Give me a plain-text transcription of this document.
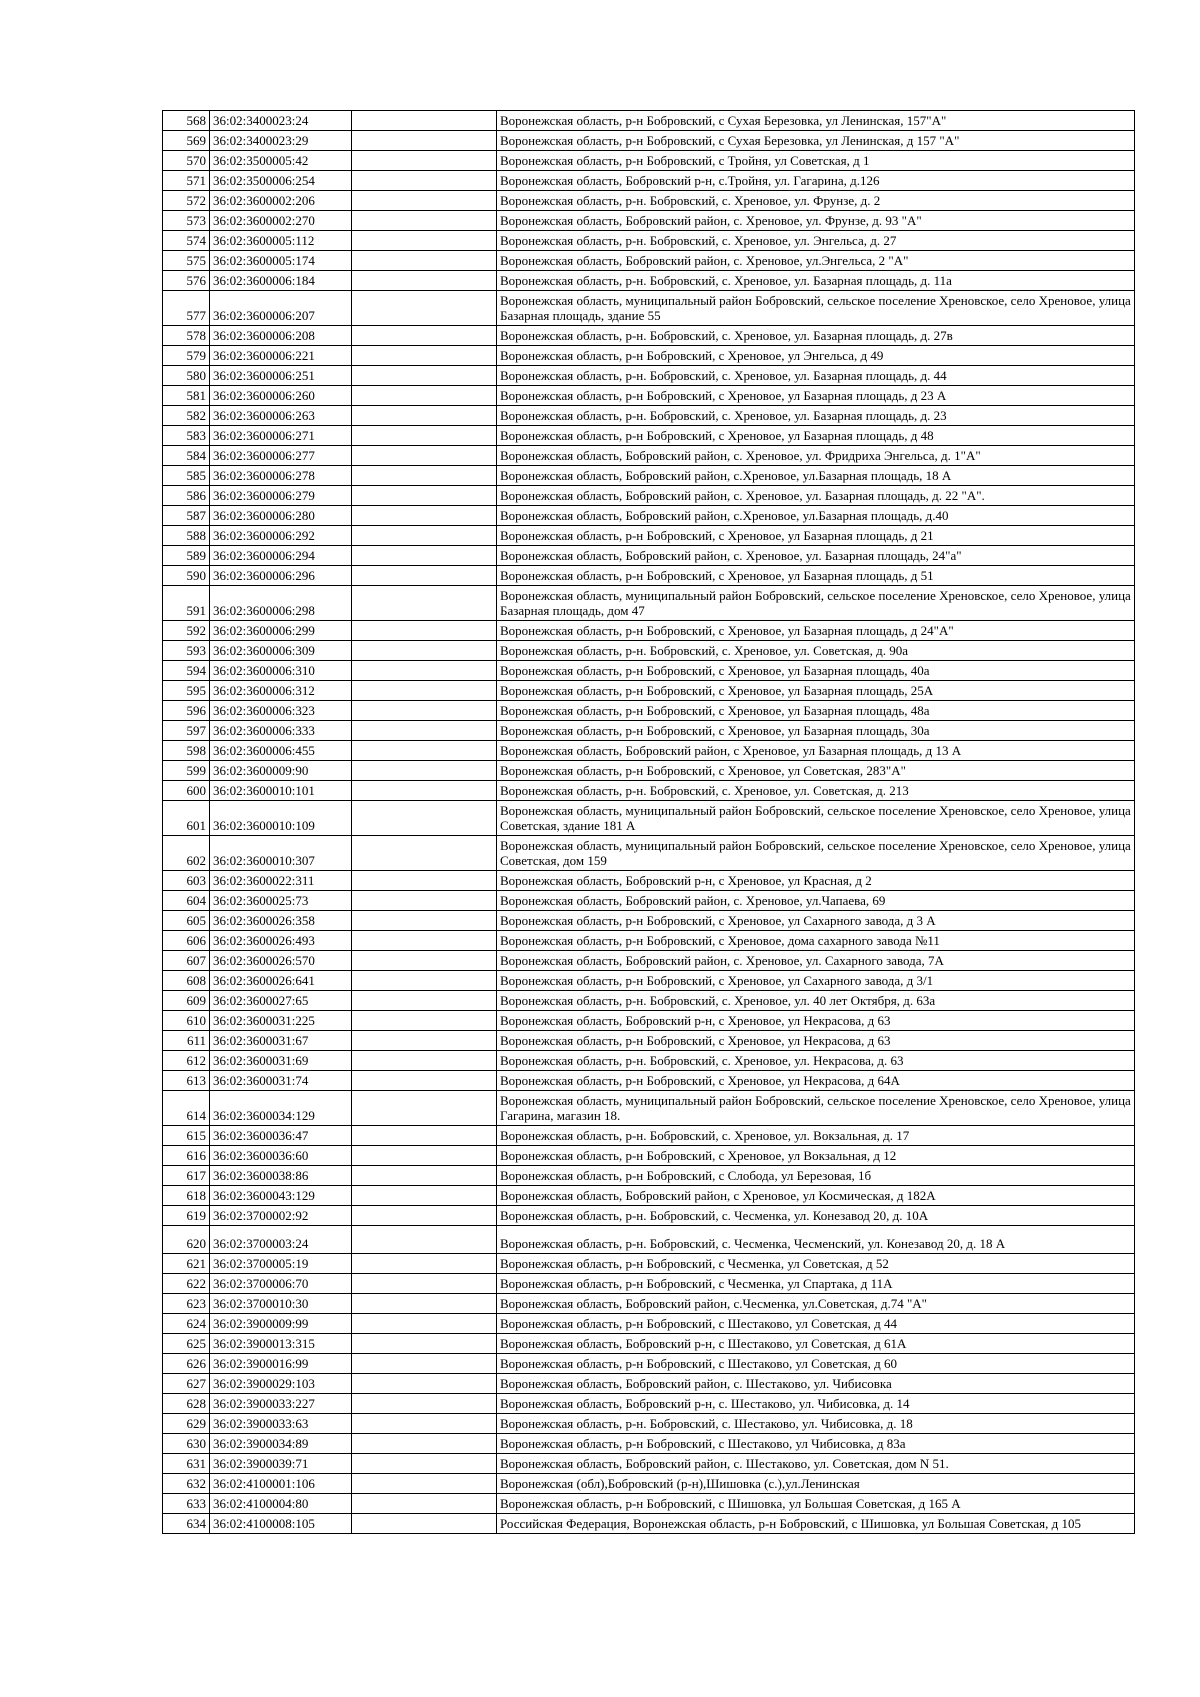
568	36:02:3400023:24		Воронежская область, р-н Бобровский, с Сухая Березовка, ул Ленинская, 157"А"
569	36:02:3400023:29		Воронежская область, р-н Бобровский, с Сухая Березовка, ул Ленинская, д 157 "А"
570	36:02:3500005:42		Воронежская область, р-н Бобровский, с Тройня, ул Советская, д 1
571	36:02:3500006:254		Воронежская область, Бобровский р-н, с.Тройня, ул. Гагарина, д.126
572	36:02:3600002:206		Воронежская область, р-н. Бобровский, с. Хреновое, ул. Фрунзе, д. 2
573	36:02:3600002:270		Воронежская область, Бобровский район, с. Хреновое, ул. Фрунзе, д. 93 "А"
574	36:02:3600005:112		Воронежская область, р-н. Бобровский, с. Хреновое, ул. Энгельса, д. 27
575	36:02:3600005:174		Воронежская область, Бобровский район, с. Хреновое, ул.Энгельса, 2 "А"
576	36:02:3600006:184		Воронежская область, р-н. Бобровский, с. Хреновое, ул. Базарная площадь, д. 11а
577	36:02:3600006:207		Воронежская область, муниципальный район Бобровский, сельское поселение Хреновское, село Хреновое, улица Базарная площадь, здание 55
578	36:02:3600006:208		Воронежская область, р-н. Бобровский, с. Хреновое, ул. Базарная площадь, д. 27в
579	36:02:3600006:221		Воронежская область, р-н Бобровский, с Хреновое, ул Энгельса, д 49
580	36:02:3600006:251		Воронежская область, р-н. Бобровский, с. Хреновое, ул. Базарная площадь, д. 44
581	36:02:3600006:260		Воронежская область, р-н Бобровский, с Хреновое, ул Базарная площадь, д 23 А
582	36:02:3600006:263		Воронежская область, р-н. Бобровский, с. Хреновое, ул. Базарная площадь, д. 23
583	36:02:3600006:271		Воронежская область, р-н Бобровский, с Хреновое, ул Базарная площадь, д 48
584	36:02:3600006:277		Воронежская область, Бобровский район, с. Хреновое, ул. Фридриха Энгельса, д. 1"А"
585	36:02:3600006:278		Воронежская область, Бобровский район, с.Хреновое, ул.Базарная площадь, 18 А
586	36:02:3600006:279		Воронежская область, Бобровский район, с. Хреновое, ул. Базарная площадь, д. 22 "А".
587	36:02:3600006:280		Воронежская область, Бобровский район, с.Хреновое, ул.Базарная площадь, д.40
588	36:02:3600006:292		Воронежская область, р-н Бобровский, с Хреновое, ул Базарная площадь, д 21
589	36:02:3600006:294		Воронежская область, Бобровский район, с. Хреновое, ул. Базарная площадь, 24"а"
590	36:02:3600006:296		Воронежская область, р-н Бобровский, с Хреновое, ул Базарная площадь, д 51
591	36:02:3600006:298		Воронежская область, муниципальный район Бобровский, сельское поселение Хреновское, село Хреновое, улица Базарная площадь, дом 47
592	36:02:3600006:299		Воронежская область, р-н Бобровский, с Хреновое, ул Базарная площадь, д 24"А"
593	36:02:3600006:309		Воронежская область, р-н. Бобровский, с. Хреновое, ул. Советская, д. 90а
594	36:02:3600006:310		Воронежская область, р-н Бобровский, с Хреновое, ул Базарная площадь, 40а
595	36:02:3600006:312		Воронежская область, р-н Бобровский, с Хреновое, ул Базарная площадь, 25А
596	36:02:3600006:323		Воронежская область, р-н Бобровский, с Хреновое, ул Базарная площадь, 48а
597	36:02:3600006:333		Воронежская область, р-н Бобровский, с Хреновое, ул Базарная площадь, 30а
598	36:02:3600006:455		Воронежская область, Бобровский район, с Хреновое, ул Базарная площадь, д 13 А
599	36:02:3600009:90		Воронежская область, р-н Бобровский, с Хреновое, ул Советская, 283"А"
600	36:02:3600010:101		Воронежская область, р-н. Бобровский, с. Хреновое, ул. Советская, д. 213
601	36:02:3600010:109		Воронежская область, муниципальный район Бобровский, сельское поселение Хреновское, село Хреновое, улица Советская, здание 181 А
602	36:02:3600010:307		Воронежская область, муниципальный район Бобровский, сельское поселение Хреновское, село Хреновое, улица Советская, дом 159
603	36:02:3600022:311		Воронежская область, Бобровский р-н, с Хреновое, ул Красная, д 2
604	36:02:3600025:73		Воронежская область, Бобровский район, с. Хреновое, ул.Чапаева, 69
605	36:02:3600026:358		Воронежская область, р-н Бобровский, с Хреновое, ул Сахарного завода, д 3 А
606	36:02:3600026:493		Воронежская область, р-н Бобровский, с Хреновое, дома сахарного завода №11
607	36:02:3600026:570		Воронежская область, Бобровский район, с. Хреновое, ул. Сахарного завода, 7А
608	36:02:3600026:641		Воронежская область, р-н Бобровский, с Хреновое, ул Сахарного завода, д 3/1
609	36:02:3600027:65		Воронежская область, р-н. Бобровский, с. Хреновое, ул. 40 лет Октября, д. 63а
610	36:02:3600031:225		Воронежская область, Бобровский р-н, с Хреновое, ул Некрасова, д 63
611	36:02:3600031:67		Воронежская область, р-н Бобровский, с Хреновое, ул Некрасова, д 63
612	36:02:3600031:69		Воронежская область, р-н. Бобровский, с. Хреновое, ул. Некрасова, д. 63
613	36:02:3600031:74		Воронежская область, р-н Бобровский, с Хреновое, ул Некрасова, д 64А
614	36:02:3600034:129		Воронежская область, муниципальный район Бобровский, сельское поселение Хреновское, село Хреновое, улица Гагарина, магазин 18.
615	36:02:3600036:47		Воронежская область, р-н. Бобровский, с. Хреновое, ул. Вокзальная, д. 17
616	36:02:3600036:60		Воронежская область, р-н Бобровский, с Хреновое, ул Вокзальная, д 12
617	36:02:3600038:86		Воронежская область, р-н Бобровский, с Слобода, ул Березовая, 1б
618	36:02:3600043:129		Воронежская область, Бобровский район, с Хреновое, ул Космическая, д 182А
619	36:02:3700002:92		Воронежская область, р-н. Бобровский, с. Чесменка, ул. Конезавод 20, д. 10А
620	36:02:3700003:24		Воронежская область, р-н. Бобровский, с. Чесменка, Чесменский, ул. Конезавод 20, д. 18 А
621	36:02:3700005:19		Воронежская область, р-н Бобровский, с Чесменка, ул Советская, д 52
622	36:02:3700006:70		Воронежская область, р-н Бобровский, с Чесменка, ул Спартака, д 11А
623	36:02:3700010:30		Воронежская область, Бобровский район, с.Чесменка, ул.Советская, д.74 "А"
624	36:02:3900009:99		Воронежская область, р-н Бобровский, с Шестаково, ул Советская, д 44
625	36:02:3900013:315		Воронежская область, Бобровский р-н, с Шестаково, ул Советская, д 61А
626	36:02:3900016:99		Воронежская область, р-н Бобровский, с Шестаково, ул Советская, д 60
627	36:02:3900029:103		Воронежская область, Бобровский район, с. Шестаково, ул. Чибисовка
628	36:02:3900033:227		Воронежская область, Бобровский р-н, с. Шестаково, ул. Чибисовка, д. 14
629	36:02:3900033:63		Воронежская область, р-н. Бобровский, с. Шестаково, ул. Чибисовка, д. 18
630	36:02:3900034:89		Воронежская область, р-н Бобровский, с Шестаково, ул Чибисовка, д 83а
631	36:02:3900039:71		Воронежская область, Бобровский район, с. Шестаково, ул. Советская, дом N 51.
632	36:02:4100001:106		Воронежская (обл),Бобровский (р-н),Шишовка (с.),ул.Ленинская
633	36:02:4100004:80		Воронежская область, р-н Бобровский, с Шишовка, ул Большая Советская, д 165 А
634	36:02:4100008:105		Российская Федерация, Воронежская область, р-н Бобровский, с Шишовка, ул Большая Советская, д 105
